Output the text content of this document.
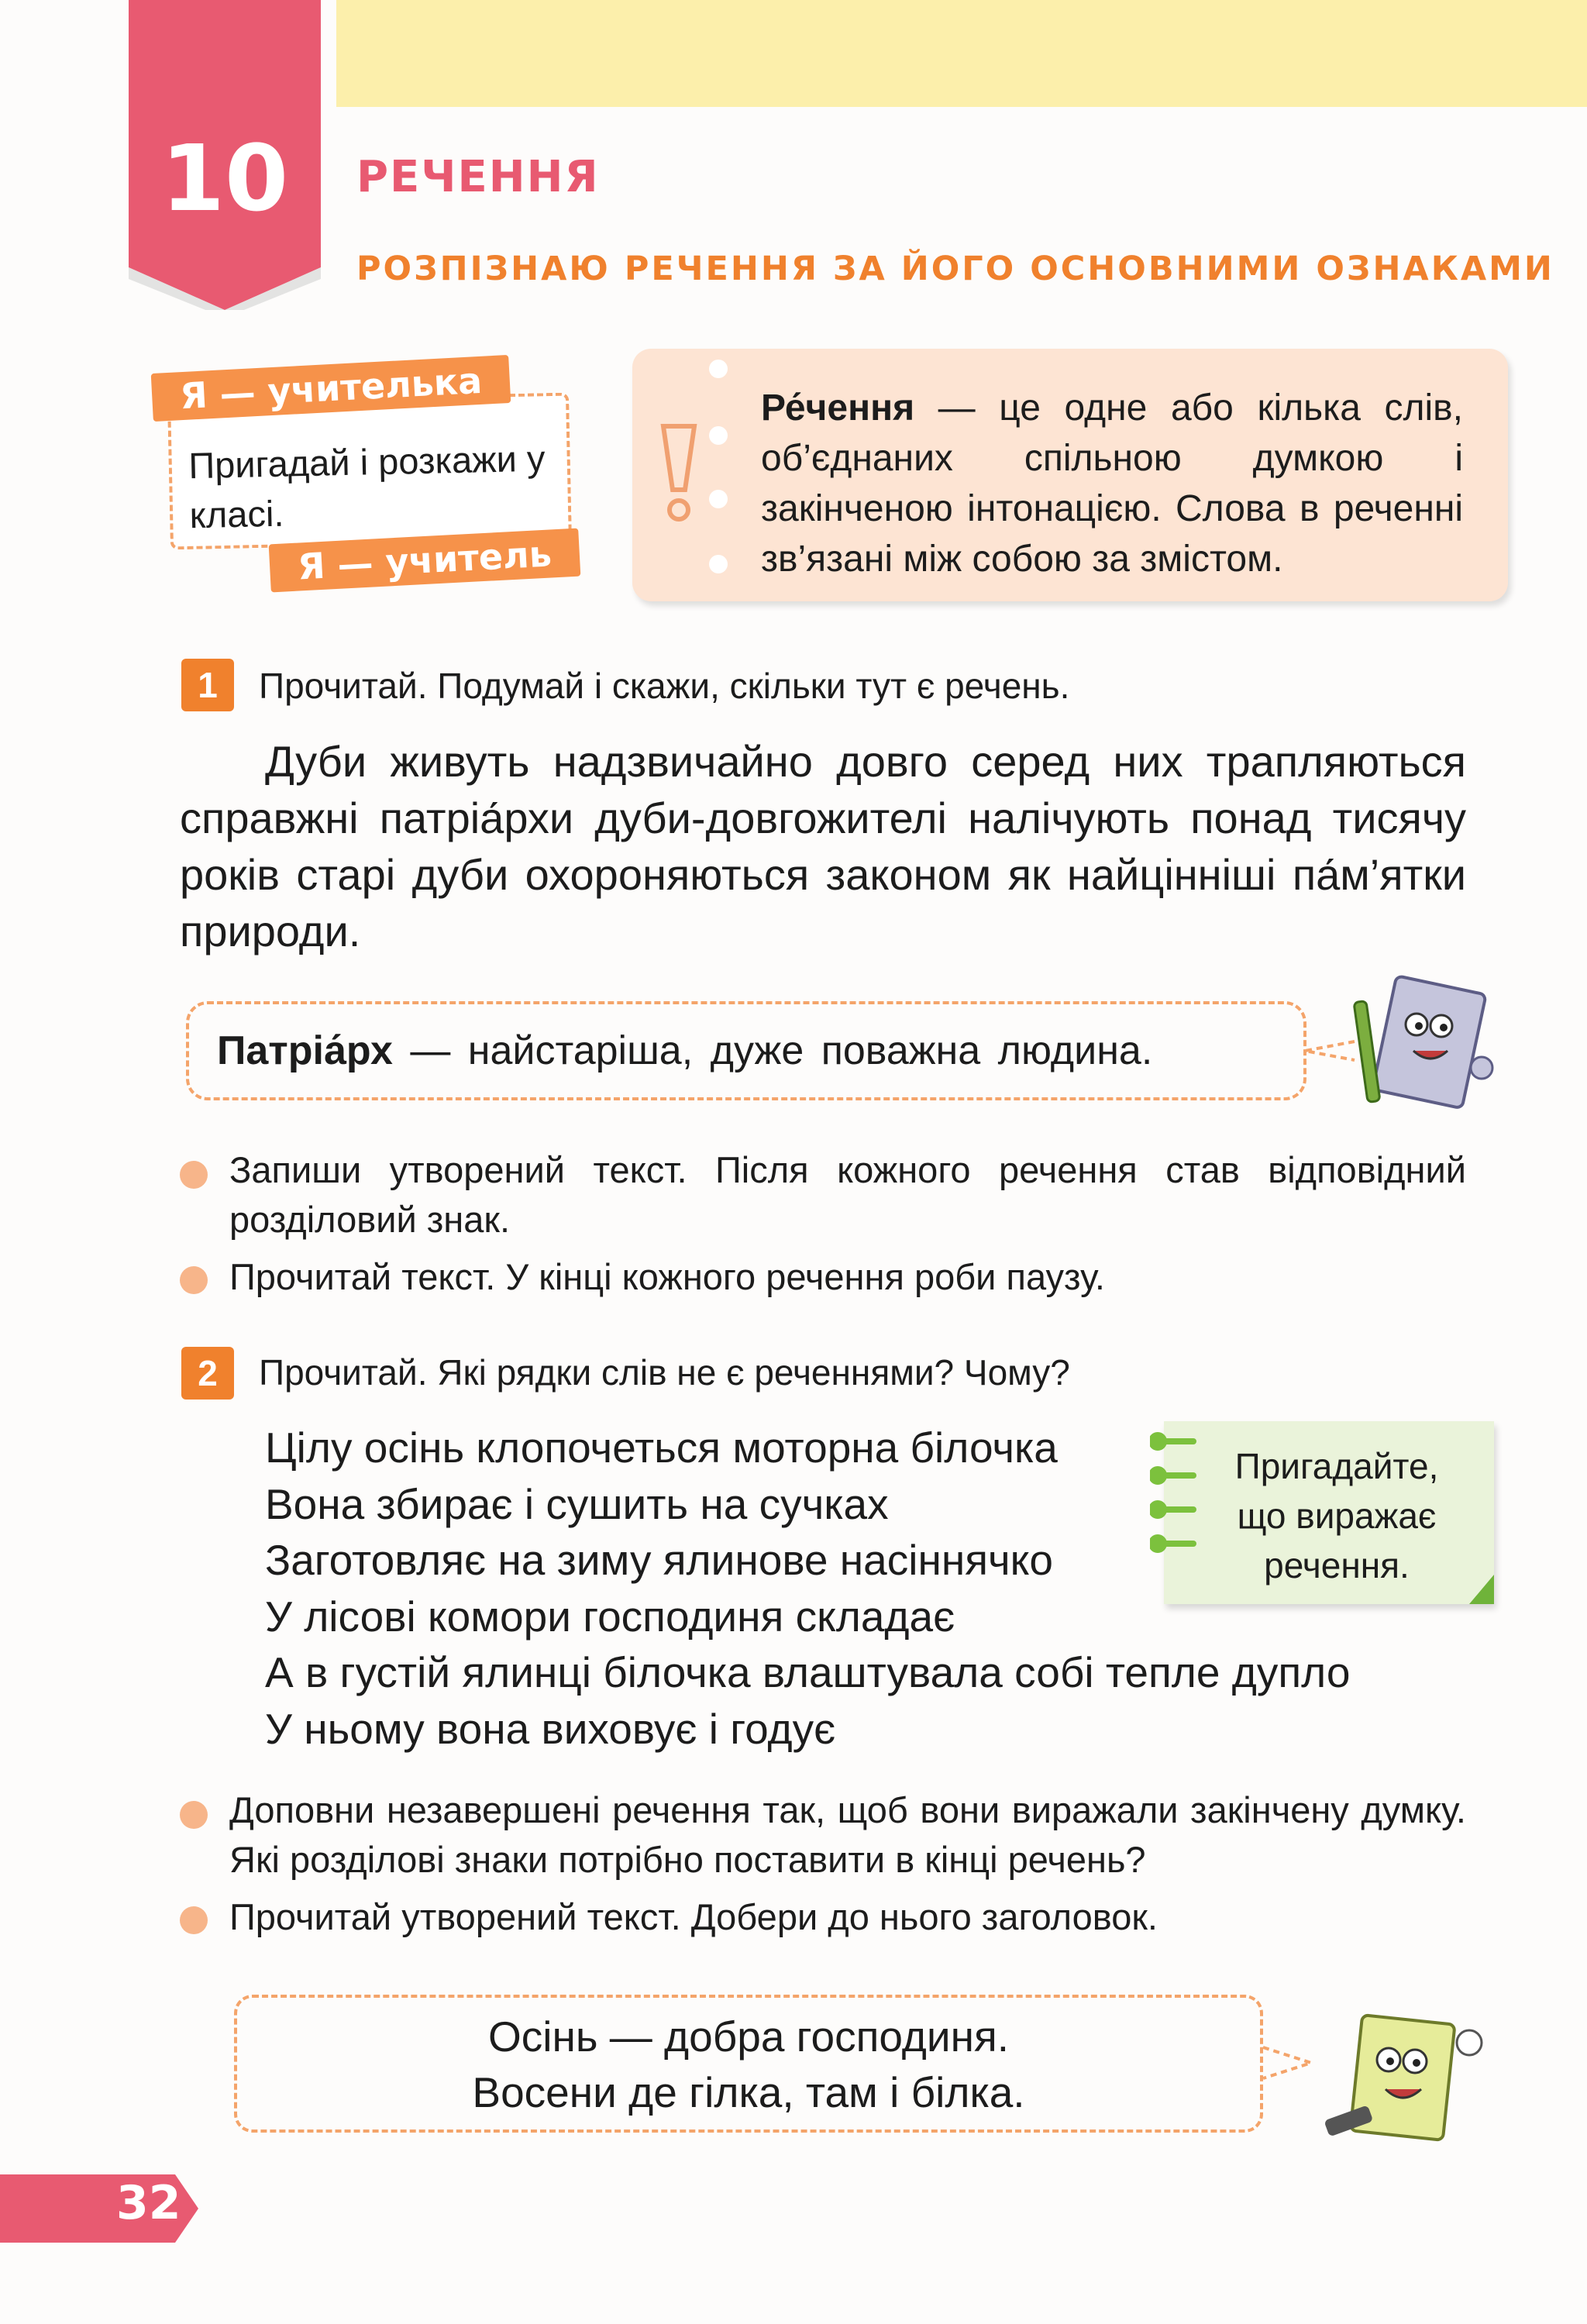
10	РЕЧЕННЯ
РОЗПІЗНАЮ РЕЧЕННЯ ЗА ЙОГО ОСНОВНИМИ ОЗНАКАМИ
Пригадай і розкажи у класі.
Я — учителька
Я — учитель
Ре́чення — це одне або кілька слів, об’єднаних спільною думкою і закінченою інтонацією. Слова в реченні зв’язані між собою за змістом.
1	Прочитай. Подумай і скажи, скільки тут є речень.
Дуби живуть надзвичайно довго серед них трапляються справжні патріа́рхи дуби-довгожителі налічують понад тисячу років старі дуби охороняються законом як найцінніші па́м’ятки природи.
Патріа́рх — найстаріша, дуже поважна людина.
Запиши утворений текст. Після кожного речення став відповідний розділовий знак.
Прочитай текст. У кінці кожного речення роби паузу.
2	Прочитай. Які рядки слів не є реченнями? Чому?
Цілу осінь клопочеться моторна білочка
Вона збирає і сушить на сучках
Заготовляє на зиму ялинове насіннячко
У лісові комори господиня складає
А в густій ялинці білочка влаштувала собі тепле дупло
У ньому вона виховує і годує
Пригадайте,
що виражає
речення.
Доповни незавершені речення так, щоб вони виражали закінчену думку. Які розділові знаки потрібно поставити в кінці речень?
Прочитай утворений текст. Добери до нього заголовок.
Осінь — добра господиня.
Восени де гілка, там і білка.
32
